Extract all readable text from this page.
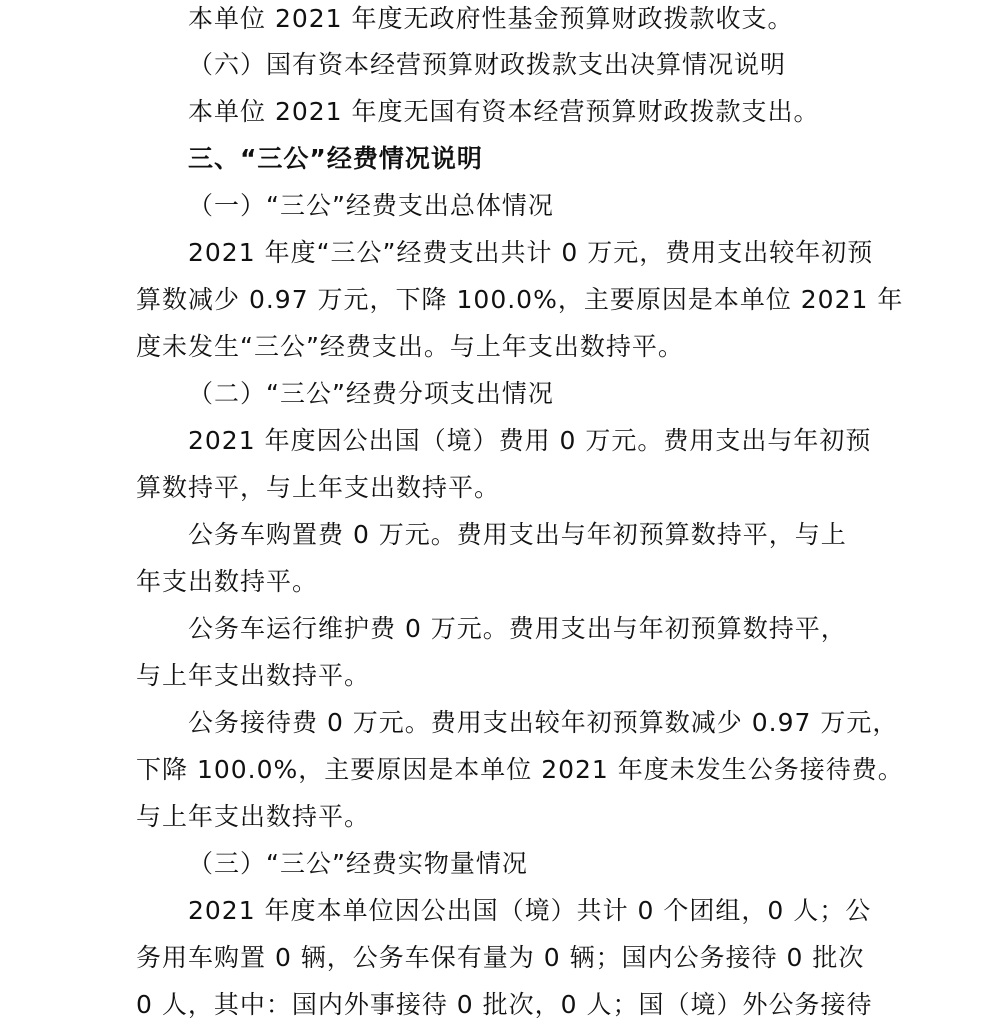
本单位 2021 年度无政府性基金预算财政拨款收支。
（六）国有资本经营预算财政拨款支出决算情况说明
本单位 2021 年度无国有资本经营预算财政拨款支出。
三、“三公”经费情况说明
（一）“三公”经费支出总体情况
2021 年度“三公”经费支出共计 0 万元，费用支出较年初预
算数减少 0.97 万元，下降 100.0%，主要原因是本单位 2021 年
度未发生“三公”经费支出。与上年支出数持平。
（二）“三公”经费分项支出情况
2021 年度因公出国（境）费用 0 万元。费用支出与年初预
算数持平，与上年支出数持平。
公务车购置费 0 万元。费用支出与年初预算数持平，与上
年支出数持平。
公务车运行维护费 0 万元。费用支出与年初预算数持平，
与上年支出数持平。
公务接待费 0 万元。费用支出较年初预算数减少 0.97 万元，
下降 100.0%，主要原因是本单位 2021 年度未发生公务接待费。
与上年支出数持平。
（三）“三公”经费实物量情况
2021 年度本单位因公出国（境）共计 0 个团组，0 人；公
务用车购置 0 辆，公务车保有量为 0 辆；国内公务接待 0 批次
0 人，其中：国内外事接待 0 批次，0 人；国（境）外公务接待
